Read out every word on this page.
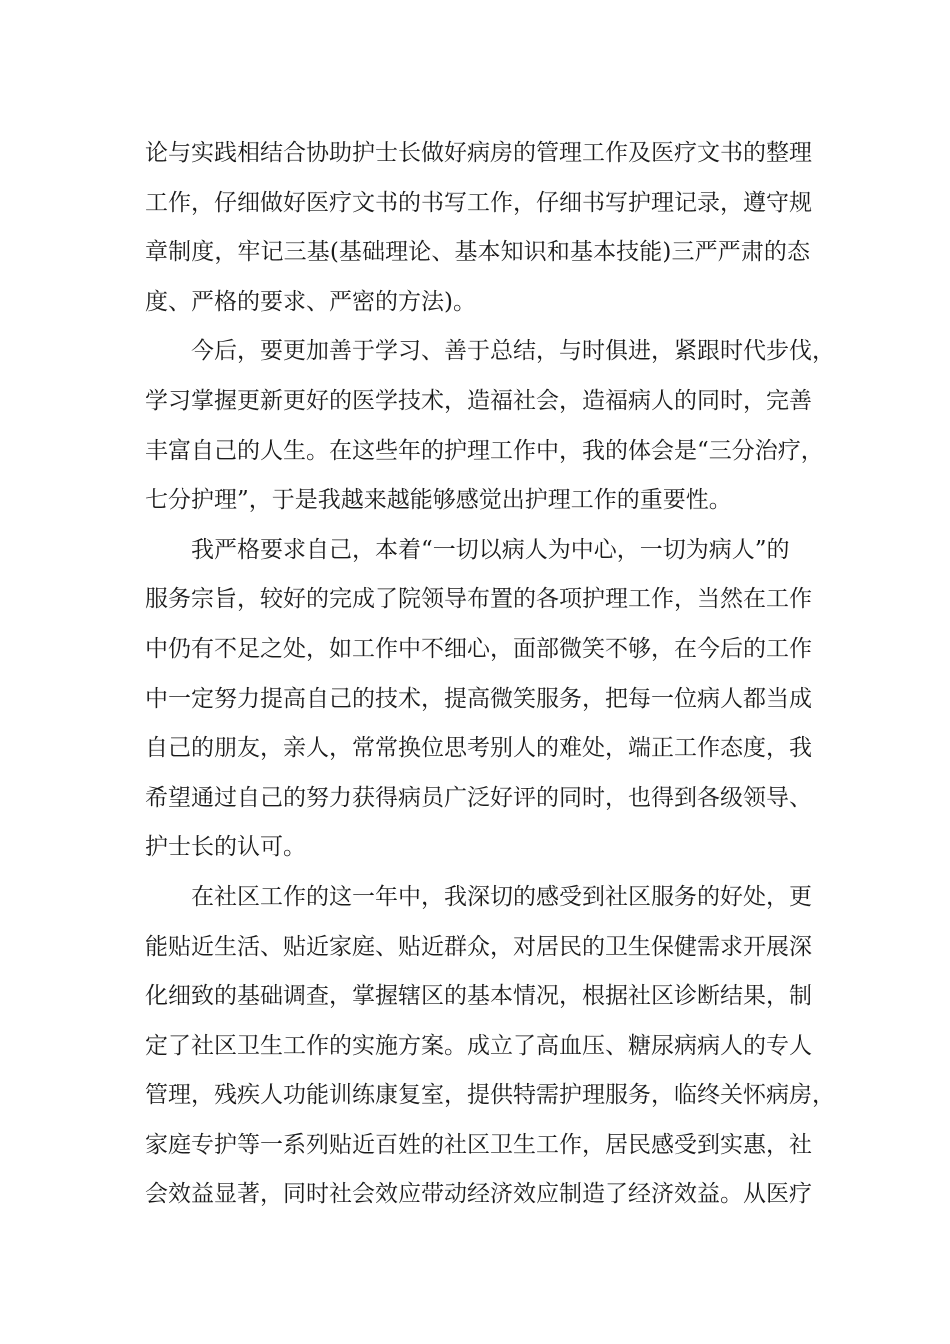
论与实践相结合协助护士长做好病房的管理工作及医疗文书的整理
工作，仔细做好医疗文书的书写工作，仔细书写护理记录，遵守规
章制度，牢记三基(基础理论、基本知识和基本技能)三严严肃的态
度、严格的要求、严密的方法)。
今后，要更加善于学习、善于总结，与时俱进，紧跟时代步伐，
学习掌握更新更好的医学技术，造福社会，造福病人的同时，完善
丰富自己的人生。在这些年的护理工作中，我的体会是“三分治疗，
七分护理”，于是我越来越能够感觉出护理工作的重要性。
我严格要求自己，本着“一切以病人为中心，一切为病人”的
服务宗旨，较好的完成了院领导布置的各项护理工作，当然在工作
中仍有不足之处，如工作中不细心，面部微笑不够，在今后的工作
中一定努力提高自己的技术，提高微笑服务，把每一位病人都当成
自己的朋友，亲人，常常换位思考别人的难处，端正工作态度，我
希望通过自己的努力获得病员广泛好评的同时，也得到各级领导、
护士长的认可。
在社区工作的这一年中，我深切的感受到社区服务的好处，更
能贴近生活、贴近家庭、贴近群众，对居民的卫生保健需求开展深
化细致的基础调查，掌握辖区的基本情况，根据社区诊断结果，制
定了社区卫生工作的实施方案。成立了高血压、糖尿病病人的专人
管理，残疾人功能训练康复室，提供特需护理服务，临终关怀病房，
家庭专护等一系列贴近百姓的社区卫生工作，居民感受到实惠，社
会效益显著，同时社会效应带动经济效应制造了经济效益。从医疗
